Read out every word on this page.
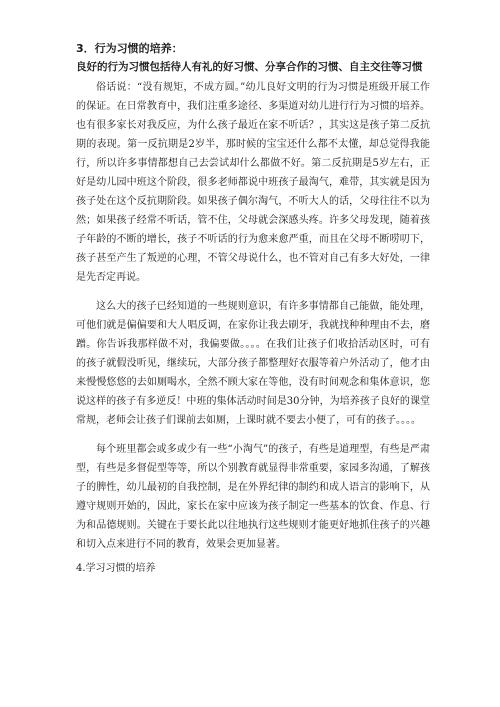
3．行为习惯的培养：

良好的行为习惯包括待人有礼的好习惯、分享合作的习惯、自主交往等习惯

俗话说：“没有规矩，不成方圆。”幼儿良好文明的行为习惯是班级开展工作的保证。在日常教育中，我们注重多途径、多渠道对幼儿进行行为习惯的培养。也有很多家长对我反应，为什么孩子最近在家不听话？，其实这是孩子第二反抗期的表现。第一反抗期是2岁半，那时候的宝宝还什么都不太懂，却总觉得我能行，所以许多事情都想自己去尝试却什么都做不好。第二反抗期是5岁左右，正好是幼儿园中班这个阶段，很多老师都说中班孩子最淘气，难带，其实就是因为孩子处在这个反抗期阶段。如果孩子偶尔淘气，不听大人的话，父母往往不以为然；如果孩子经常不听话，管不住，父母就会深感头疼。许多父母发现，随着孩子年龄的不断的增长，孩子不听话的行为愈来愈严重，而且在父母不断唠叨下，孩子甚至产生了叛逆的心理，不管父母说什么，也不管对自己有多大好处，一律是先否定再说。

这么大的孩子已经知道的一些规则意识，有许多事情都自己能做，能处理，可他们就是偏偏要和大人唱反调，在家你让我去刷牙，我就找种种理由不去，磨蹭。你告诉我那样做不对，我偏要做。。。。在我们让孩子们收拾活动区时，可有的孩子就假没听见，继续玩，大部分孩子都整理好衣服等着户外活动了，他才由来慢慢悠悠的去如厕喝水，全然不顾大家在等他，没有时间观念和集体意识，您说这样的孩子有多逆反！中班的集体活动时间是30分钟，为培养孩子良好的课堂常规，老师会让孩子们课前去如厕，上课时就不要去小便了，可有的孩子。。。。

每个班里都会或多或少有一些“小淘气”的孩子，有些是道理型，有些是严肃型，有些是多督促型等等，所以个别教育就显得非常重要，家园多沟通，了解孩子的脾性，幼儿最初的自我控制，是在外界纪律的制约和成人语言的影响下，从遵守规则开始的，因此，家长在家中应该为孩子制定一些基本的饮食、作息、行为和品德规则。关键在于要长此以往地执行这些规则才能更好地抓住孩子的兴趣和切入点来进行不同的教育，效果会更加显著。

4.学习习惯的培养
